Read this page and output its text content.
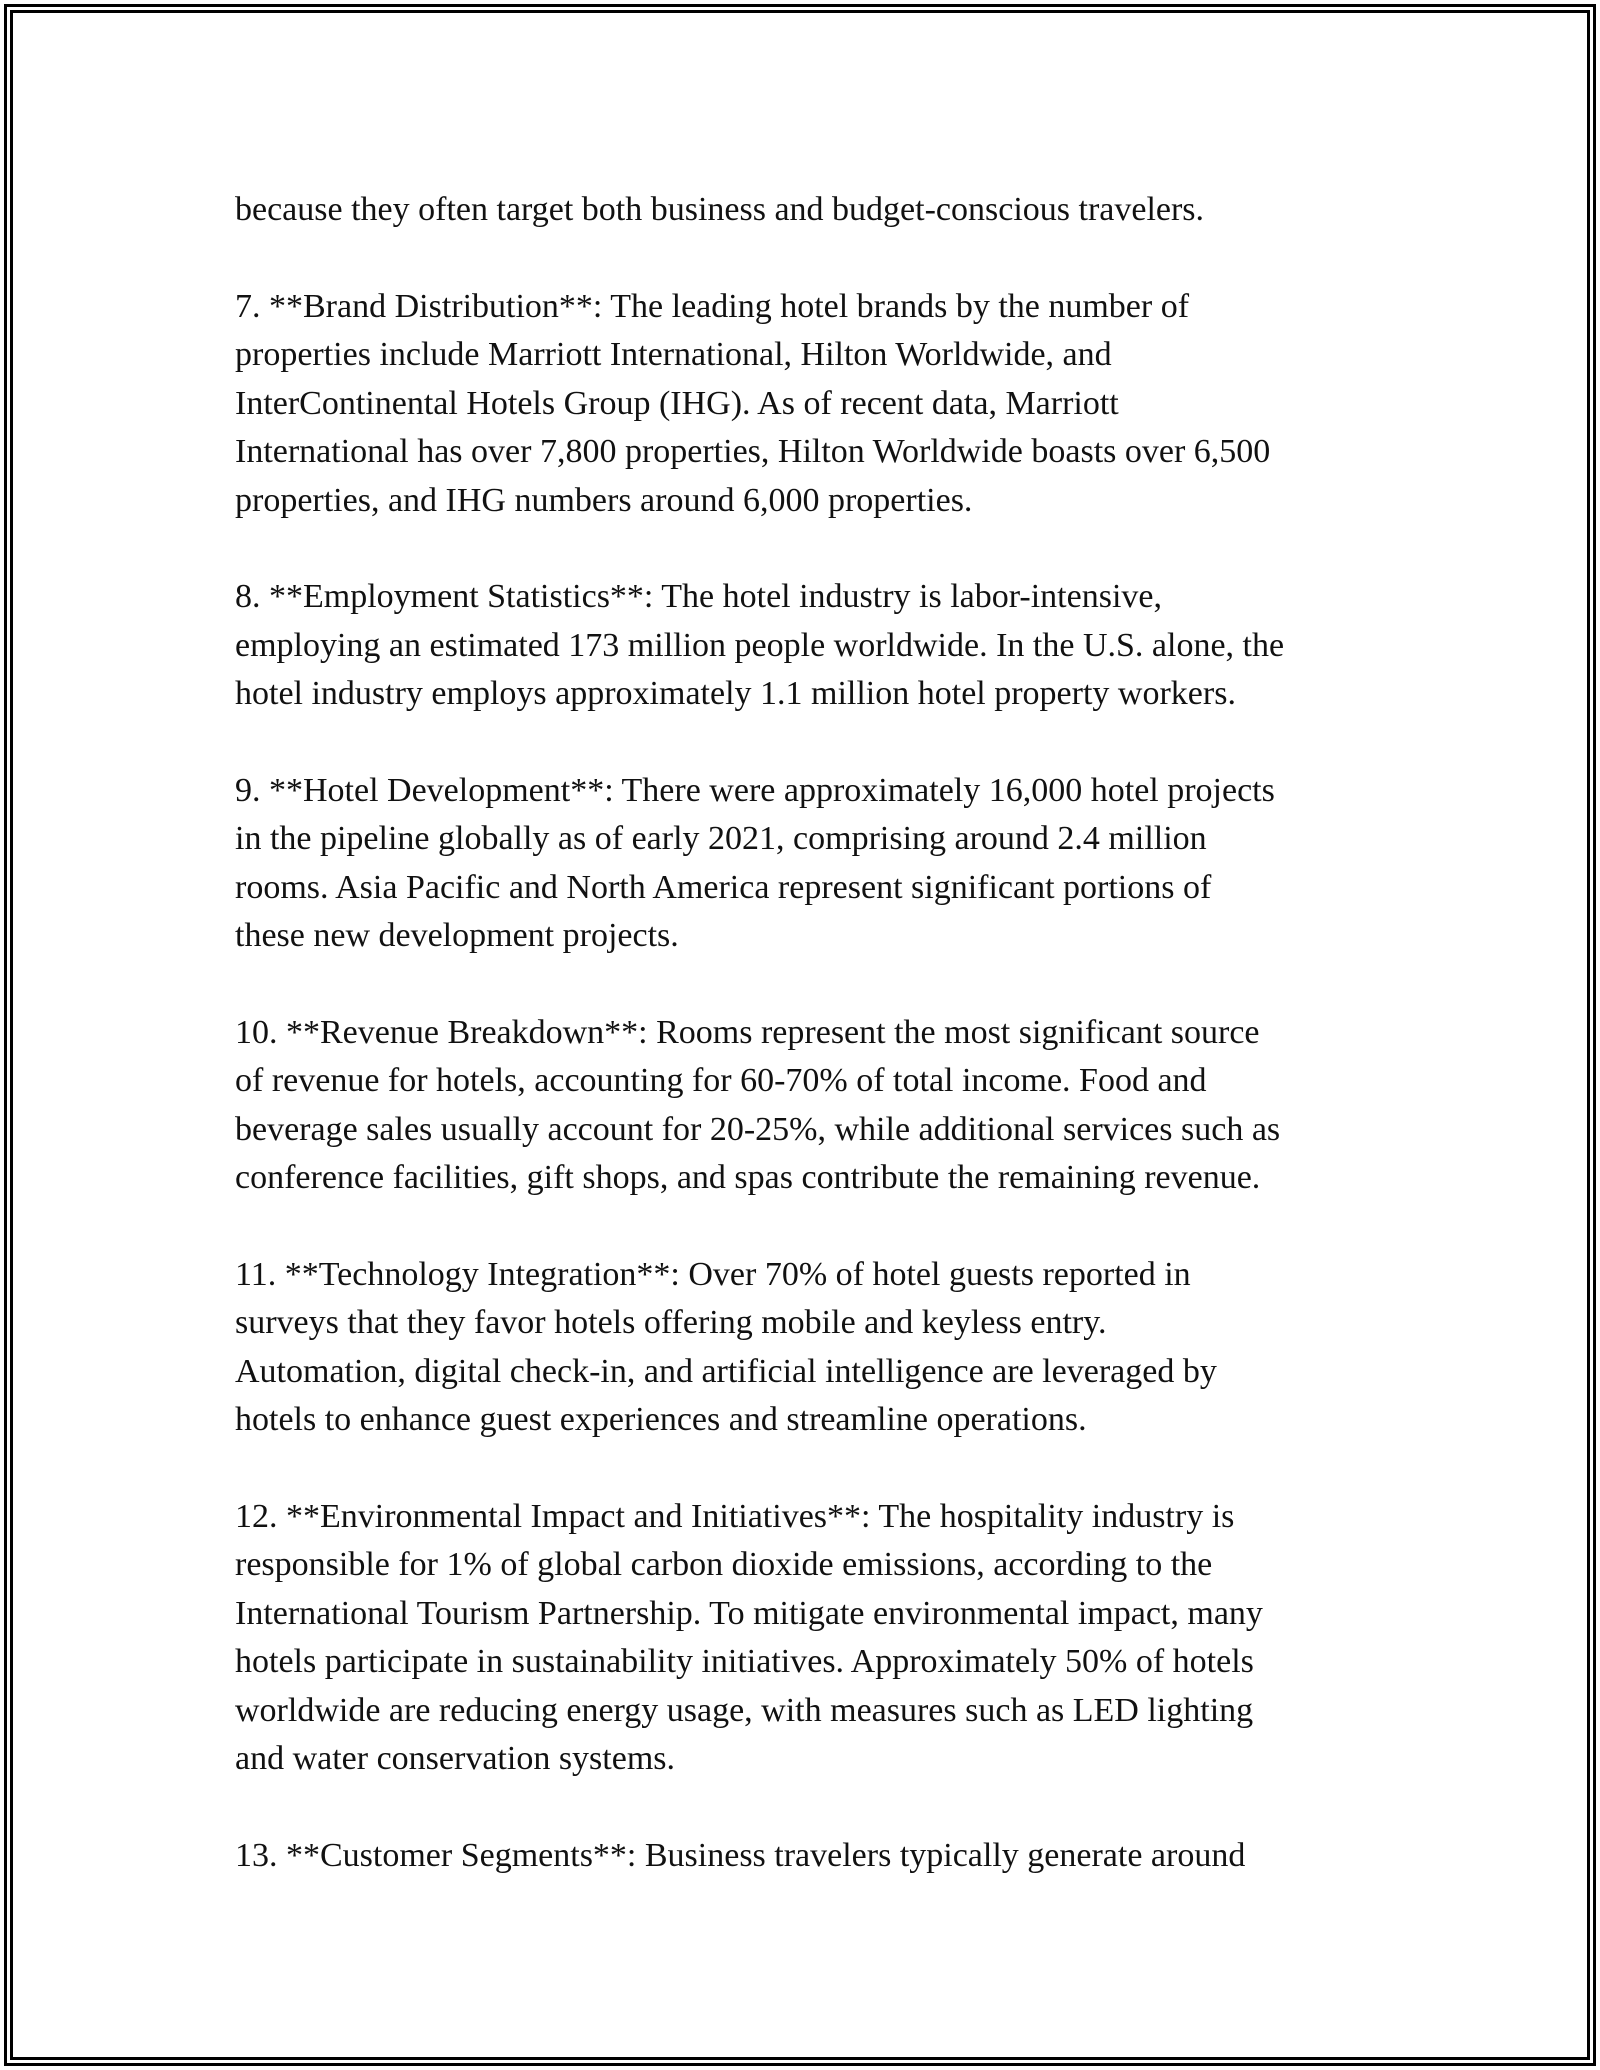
because they often target both business and budget-conscious travelers.

7. **Brand Distribution**: The leading hotel brands by the number of
properties include Marriott International, Hilton Worldwide, and
InterContinental Hotels Group (IHG). As of recent data, Marriott
International has over 7,800 properties, Hilton Worldwide boasts over 6,500
properties, and IHG numbers around 6,000 properties.

8. **Employment Statistics**: The hotel industry is labor-intensive,
employing an estimated 173 million people worldwide. In the U.S. alone, the
hotel industry employs approximately 1.1 million hotel property workers.

9. **Hotel Development**: There were approximately 16,000 hotel projects
in the pipeline globally as of early 2021, comprising around 2.4 million
rooms. Asia Pacific and North America represent significant portions of
these new development projects.

10. **Revenue Breakdown**: Rooms represent the most significant source
of revenue for hotels, accounting for 60-70% of total income. Food and
beverage sales usually account for 20-25%, while additional services such as
conference facilities, gift shops, and spas contribute the remaining revenue.

11. **Technology Integration**: Over 70% of hotel guests reported in
surveys that they favor hotels offering mobile and keyless entry.
Automation, digital check-in, and artificial intelligence are leveraged by
hotels to enhance guest experiences and streamline operations.

12. **Environmental Impact and Initiatives**: The hospitality industry is
responsible for 1% of global carbon dioxide emissions, according to the
International Tourism Partnership. To mitigate environmental impact, many
hotels participate in sustainability initiatives. Approximately 50% of hotels
worldwide are reducing energy usage, with measures such as LED lighting
and water conservation systems.

13. **Customer Segments**: Business travelers typically generate around
